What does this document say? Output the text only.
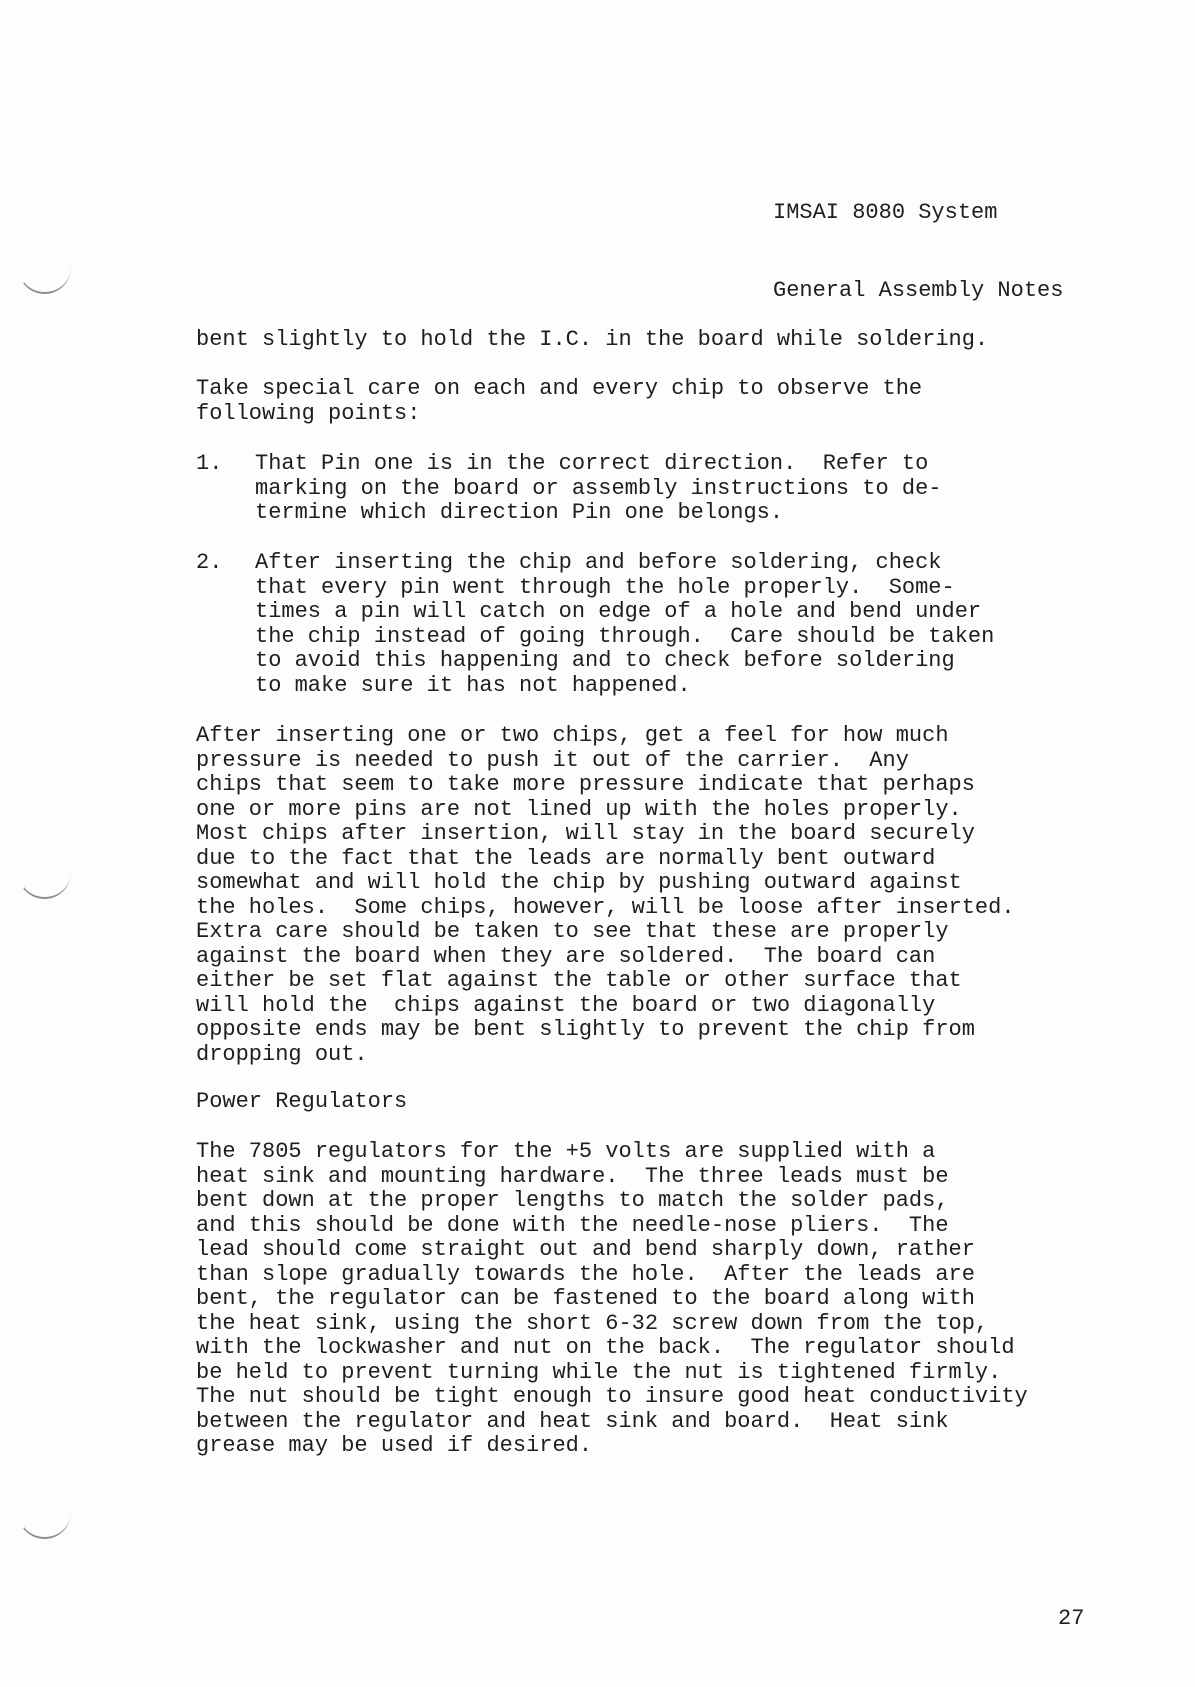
IMSAI 8080 System

General Assembly Notes

bent slightly to hold the I.C. in the board while soldering.
Take special care on each and every chip to observe the
following points:
1. That Pin one is in the correct direction.  Refer to
marking on the board or assembly instructions to de-
termine which direction Pin one belongs.
2. After inserting the chip and before soldering, check
that every pin went through the hole properly.  Some-
times a pin will catch on edge of a hole and bend under
the chip instead of going through.  Care should be taken
to avoid this happening and to check before soldering
to make sure it has not happened.
After inserting one or two chips, get a feel for how much
pressure is needed to push it out of the carrier.  Any
chips that seem to take more pressure indicate that perhaps
one or more pins are not lined up with the holes properly.
Most chips after insertion, will stay in the board securely
due to the fact that the leads are normally bent outward
somewhat and will hold the chip by pushing outward against
the holes.  Some chips, however, will be loose after inserted.
Extra care should be taken to see that these are properly
against the board when they are soldered.  The board can
either be set flat against the table or other surface that
will hold the  chips against the board or two diagonally
opposite ends may be bent slightly to prevent the chip from
dropping out.
Power Regulators
The 7805 regulators for the +5 volts are supplied with a
heat sink and mounting hardware.  The three leads must be
bent down at the proper lengths to match the solder pads,
and this should be done with the needle-nose pliers.  The
lead should come straight out and bend sharply down, rather
than slope gradually towards the hole.  After the leads are
bent, the regulator can be fastened to the board along with
the heat sink, using the short 6-32 screw down from the top,
with the lockwasher and nut on the back.  The regulator should
be held to prevent turning while the nut is tightened firmly.
The nut should be tight enough to insure good heat conductivity
between the regulator and heat sink and board.  Heat sink
grease may be used if desired.
27
